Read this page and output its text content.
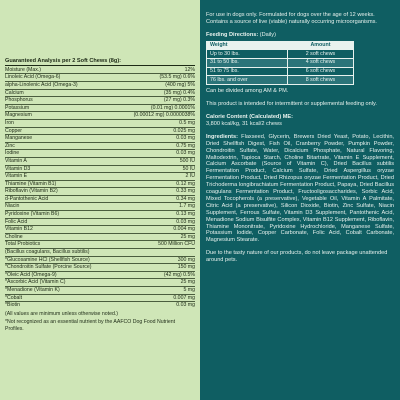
Guaranteed Analysis per 2 Soft Chews (8g):
Moisture (Max.)	12%
Linoleic Acid (Omega-6)	(53.5 mg) 0.6%
alpha-Linolenic Acid (Omega-3)	(400 mg) 5%
Calcium	(35 mg) 0.4%
Phosphorus	(27 mg) 0.3%
Potassium	(0.01 mg) 0.0001%
Magnesium	(0.00012 mg) 0.0000038%
Iron	0.5 mg
Copper	0.025 mg
Manganese	0.03 mg
Zinc	0.75 mg
Iodine	0.03 mg
Vitamin A	500 IU
Vitamin D3	50 IU
Vitamin E	2 IU
Thiamine (Vitamin B1)	0.12 mg
Riboflavin (Vitamin B2)	0.33 mg
d-Pantothenic Acid	0.34 mg
Niacin	1.7 mg
Pyridoxine (Vitamin B6)	0.13 mg
Folic Acid	0.03 mg
Vitamin B12	0.004 mg
Choline	25 mg
Total Probiotics	500 Million CFU
(Bacillus coagulans, Bacillus subtilis)
*Glucosamine HCl (Shellfish Source)	300 mg
*Chondroitin Sulfate (Porcine Source)	150 mg
*Oleic Acid (Omega-9)	(42 mg) 0.5%
*Ascorbic Acid (Vitamin C)	25 mg
*Menadione (Vitamin K)	5 mg
*Cobalt	0.007 mg
*Biotin	0.03 mg
(All values are minimum unless otherwise noted.)
*Not recognized as an essential nutrient by the AAFCO Dog Food Nutrient Profiles.

For use in dogs only. Formulated for dogs over the age of 12 weeks. Contains a source of live (viable) naturally occurring microorganisms.

Feeding Directions: (Daily)
Weight	Amount
Up to 30 lbs.	2 soft chews
31 to 50 lbs.	4 soft chews
51 to 75 lbs.	6 soft chews
76 lbs. and over	8 soft chews

Can be divided among AM & PM.

This product is intended for intermittent or supplemental feeding only.

Calorie Content (Calculated) ME:

3,800 kcal/kg, 31 kcal/2 chews

Ingredients: Flaxseed, Glycerin, Brewers Dried Yeast, Potato, Lecithin, Dried Shellfish Digest, Fish Oil, Cranberry Powder, Pumpkin Powder, Chondroitin Sulfate, Water, Dicalcium Phosphate, Natural Flavoring, Maltodextrin, Tapioca Starch, Choline Bitartrate, Vitamin E Supplement, Calcium Ascorbate (Source of Vitamin C), Dried Bacillus subtilis Fermentation Product, Calcium Sulfate, Dried Aspergillus oryzae Fermentation Product, Dried Rhizopus oryzae Fermentation Product, Dried Trichoderma longibrachiatum Fermentation Product, Papaya, Dried Bacillus coagulans Fermentation Product, Fructooligosaccharides, Sorbic Acid, Mixed Tocopherols (a preservative), Vegetable Oil, Vitamin A Palmitate, Citric Acid (a preservative), Silicon Dioxide, Biotin, Zinc Sulfate, Niacin Supplement, Ferrous Sulfate, Vitamin D3 Supplement, Pantothenic Acid, Menadione Sodium Bisulfite Complex, Vitamin B12 Supplement, Riboflavin, Thiamine Mononitrate, Pyridoxine Hydrochloride, Manganese Sulfate, Potassium Iodide, Copper Carbonate, Folic Acid, Cobalt Carbonate, Magnesium Stearate.

Due to the tasty nature of our products, do not leave package unattended around pets.
